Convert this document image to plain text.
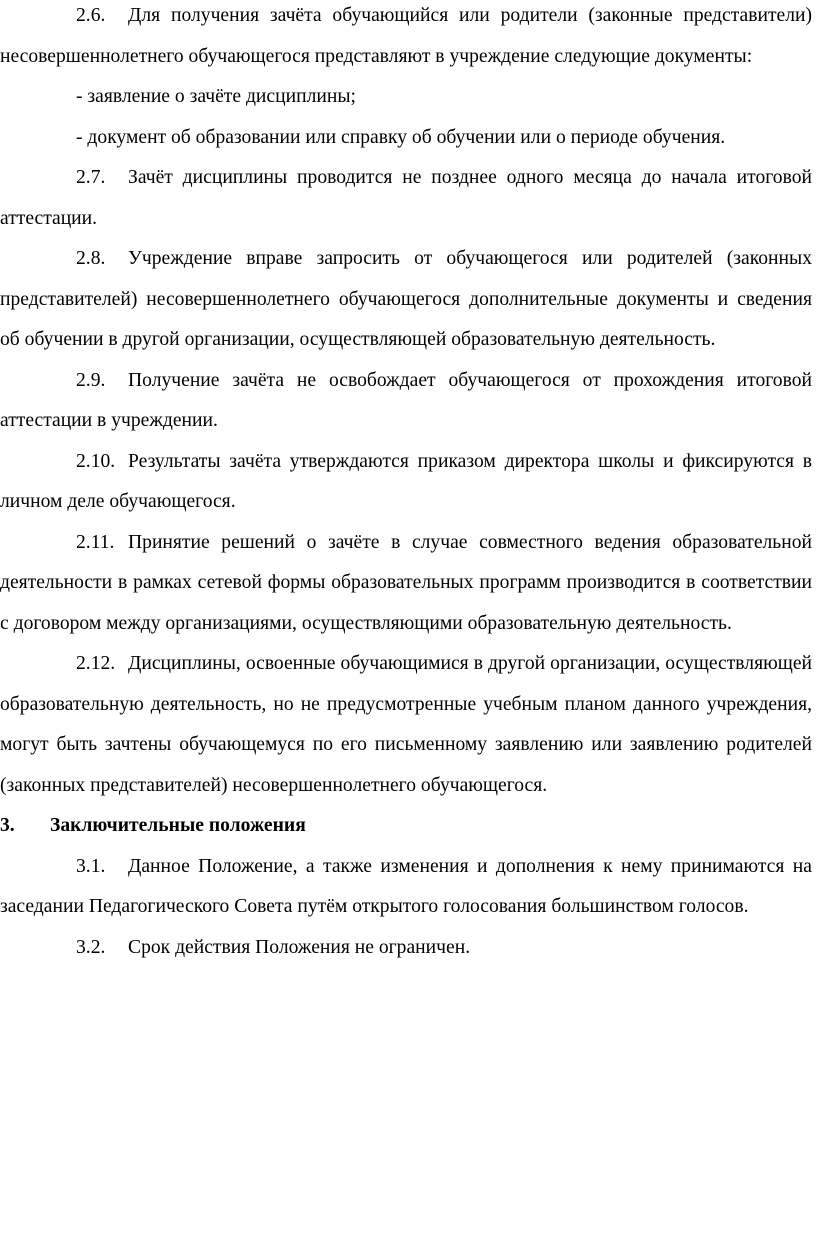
2.6. Для получения зачёта обучающийся или родители (законные представители) несовершеннолетнего обучающегося представляют в учреждение следующие документы:

- заявление о зачёте дисциплины;

- документ об образовании или справку об обучении или о периоде обучения.

2.7. Зачёт дисциплины проводится не позднее одного месяца до начала итоговой аттестации.

2.8. Учреждение вправе запросить от обучающегося или родителей (законных представителей) несовершеннолетнего обучающегося дополнительные документы и сведения об обучении в другой организации, осуществляющей образовательную деятельность.

2.9. Получение зачёта не освобождает обучающегося от прохождения итоговой аттестации в учреждении.

2.10. Результаты зачёта утверждаются приказом директора школы и фиксируются в личном деле обучающегося.

2.11. Принятие решений о зачёте в случае совместного ведения образовательной деятельности в рамках сетевой формы образовательных программ производится в соответствии с договором между организациями, осуществляющими образовательную деятельность.

2.12. Дисциплины, освоенные обучающимися в другой организации, осуществляющей образовательную деятельность, но не предусмотренные учебным планом данного учреждения, могут быть зачтены обучающемуся по его письменному заявлению или заявлению родителей (законных представителей) несовершеннолетнего обучающегося.

3. Заключительные положения

3.1. Данное Положение, а также изменения и дополнения к нему принимаются на заседании Педагогического Совета путём открытого голосования большинством голосов.

3.2. Срок действия Положения не ограничен.
